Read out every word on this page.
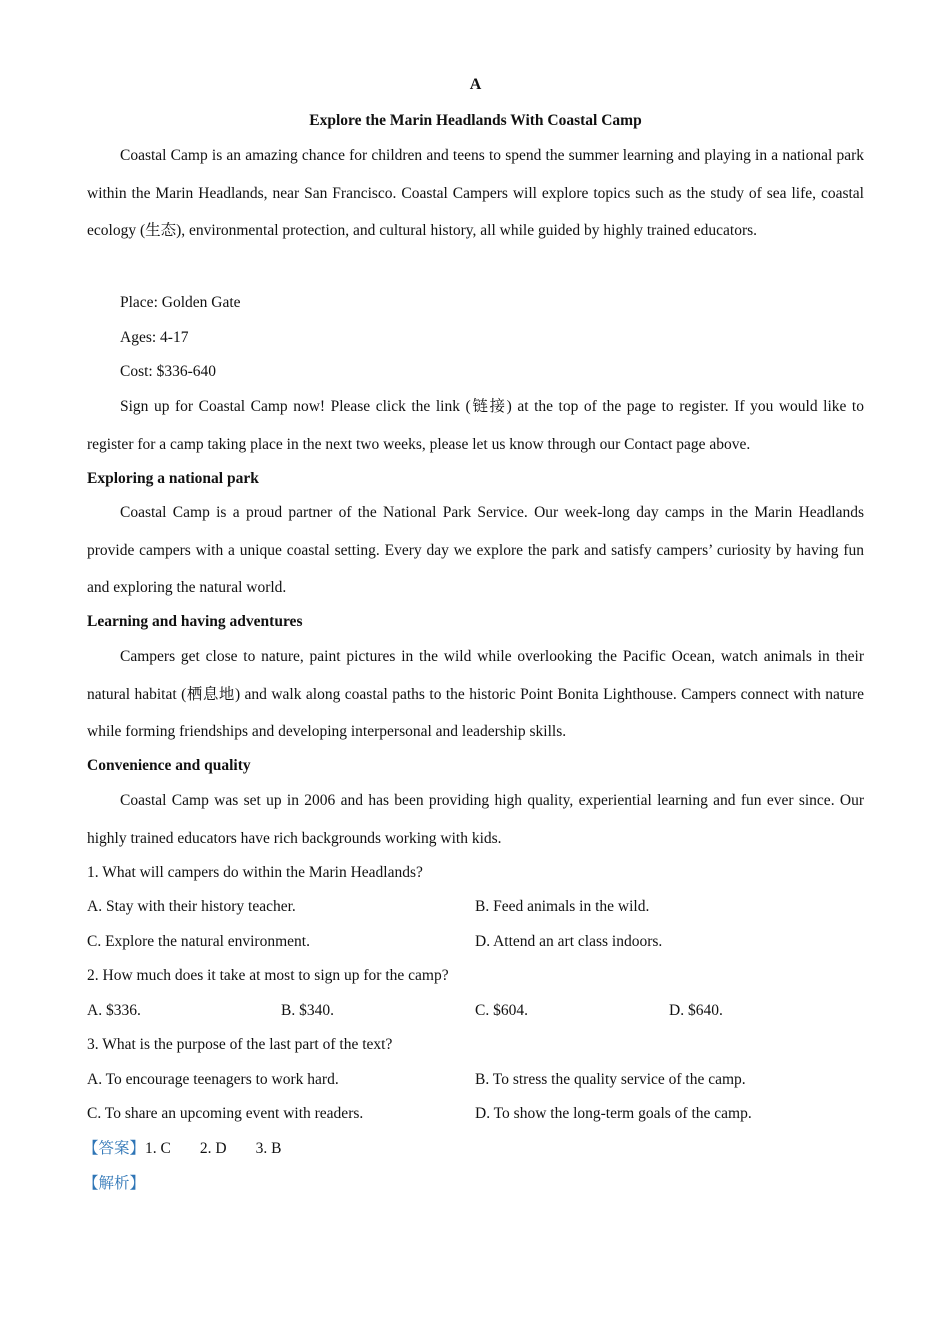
A
Explore the Marin Headlands With Coastal Camp
Coastal Camp is an amazing chance for children and teens to spend the summer learning and playing in a national park within the Marin Headlands, near San Francisco. Coastal Campers will explore topics such as the study of sea life, coastal ecology (生态), environmental protection, and cultural history, all while guided by highly trained educators.
Place: Golden Gate
Ages: 4-17
Cost: $336-640
Sign up for Coastal Camp now! Please click the link (链接) at the top of the page to register. If you would like to register for a camp taking place in the next two weeks, please let us know through our Contact page above.
Exploring a national park
Coastal Camp is a proud partner of the National Park Service. Our week-long day camps in the Marin Headlands provide campers with a unique coastal setting. Every day we explore the park and satisfy campers’ curiosity by having fun and exploring the natural world.
Learning and having adventures
Campers get close to nature, paint pictures in the wild while overlooking the Pacific Ocean, watch animals in their natural habitat (栖息地) and walk along coastal paths to the historic Point Bonita Lighthouse. Campers connect with nature while forming friendships and developing interpersonal and leadership skills.
Convenience and quality
Coastal Camp was set up in 2006 and has been providing high quality, experiential learning and fun ever since. Our highly trained educators have rich backgrounds working with kids.
1. What will campers do within the Marin Headlands?
A. Stay with their history teacher.	B. Feed animals in the wild.
C. Explore the natural environment.	D. Attend an art class indoors.
2. How much does it take at most to sign up for the camp?
A. $336.	B. $340.	C. $604.	D. $640.
3. What is the purpose of the last part of the text?
A. To encourage teenagers to work hard.	B. To stress the quality service of the camp.
C. To share an upcoming event with readers.	D. To show the long-term goals of the camp.
【答案】1. C 2. D 3. B
【解析】
